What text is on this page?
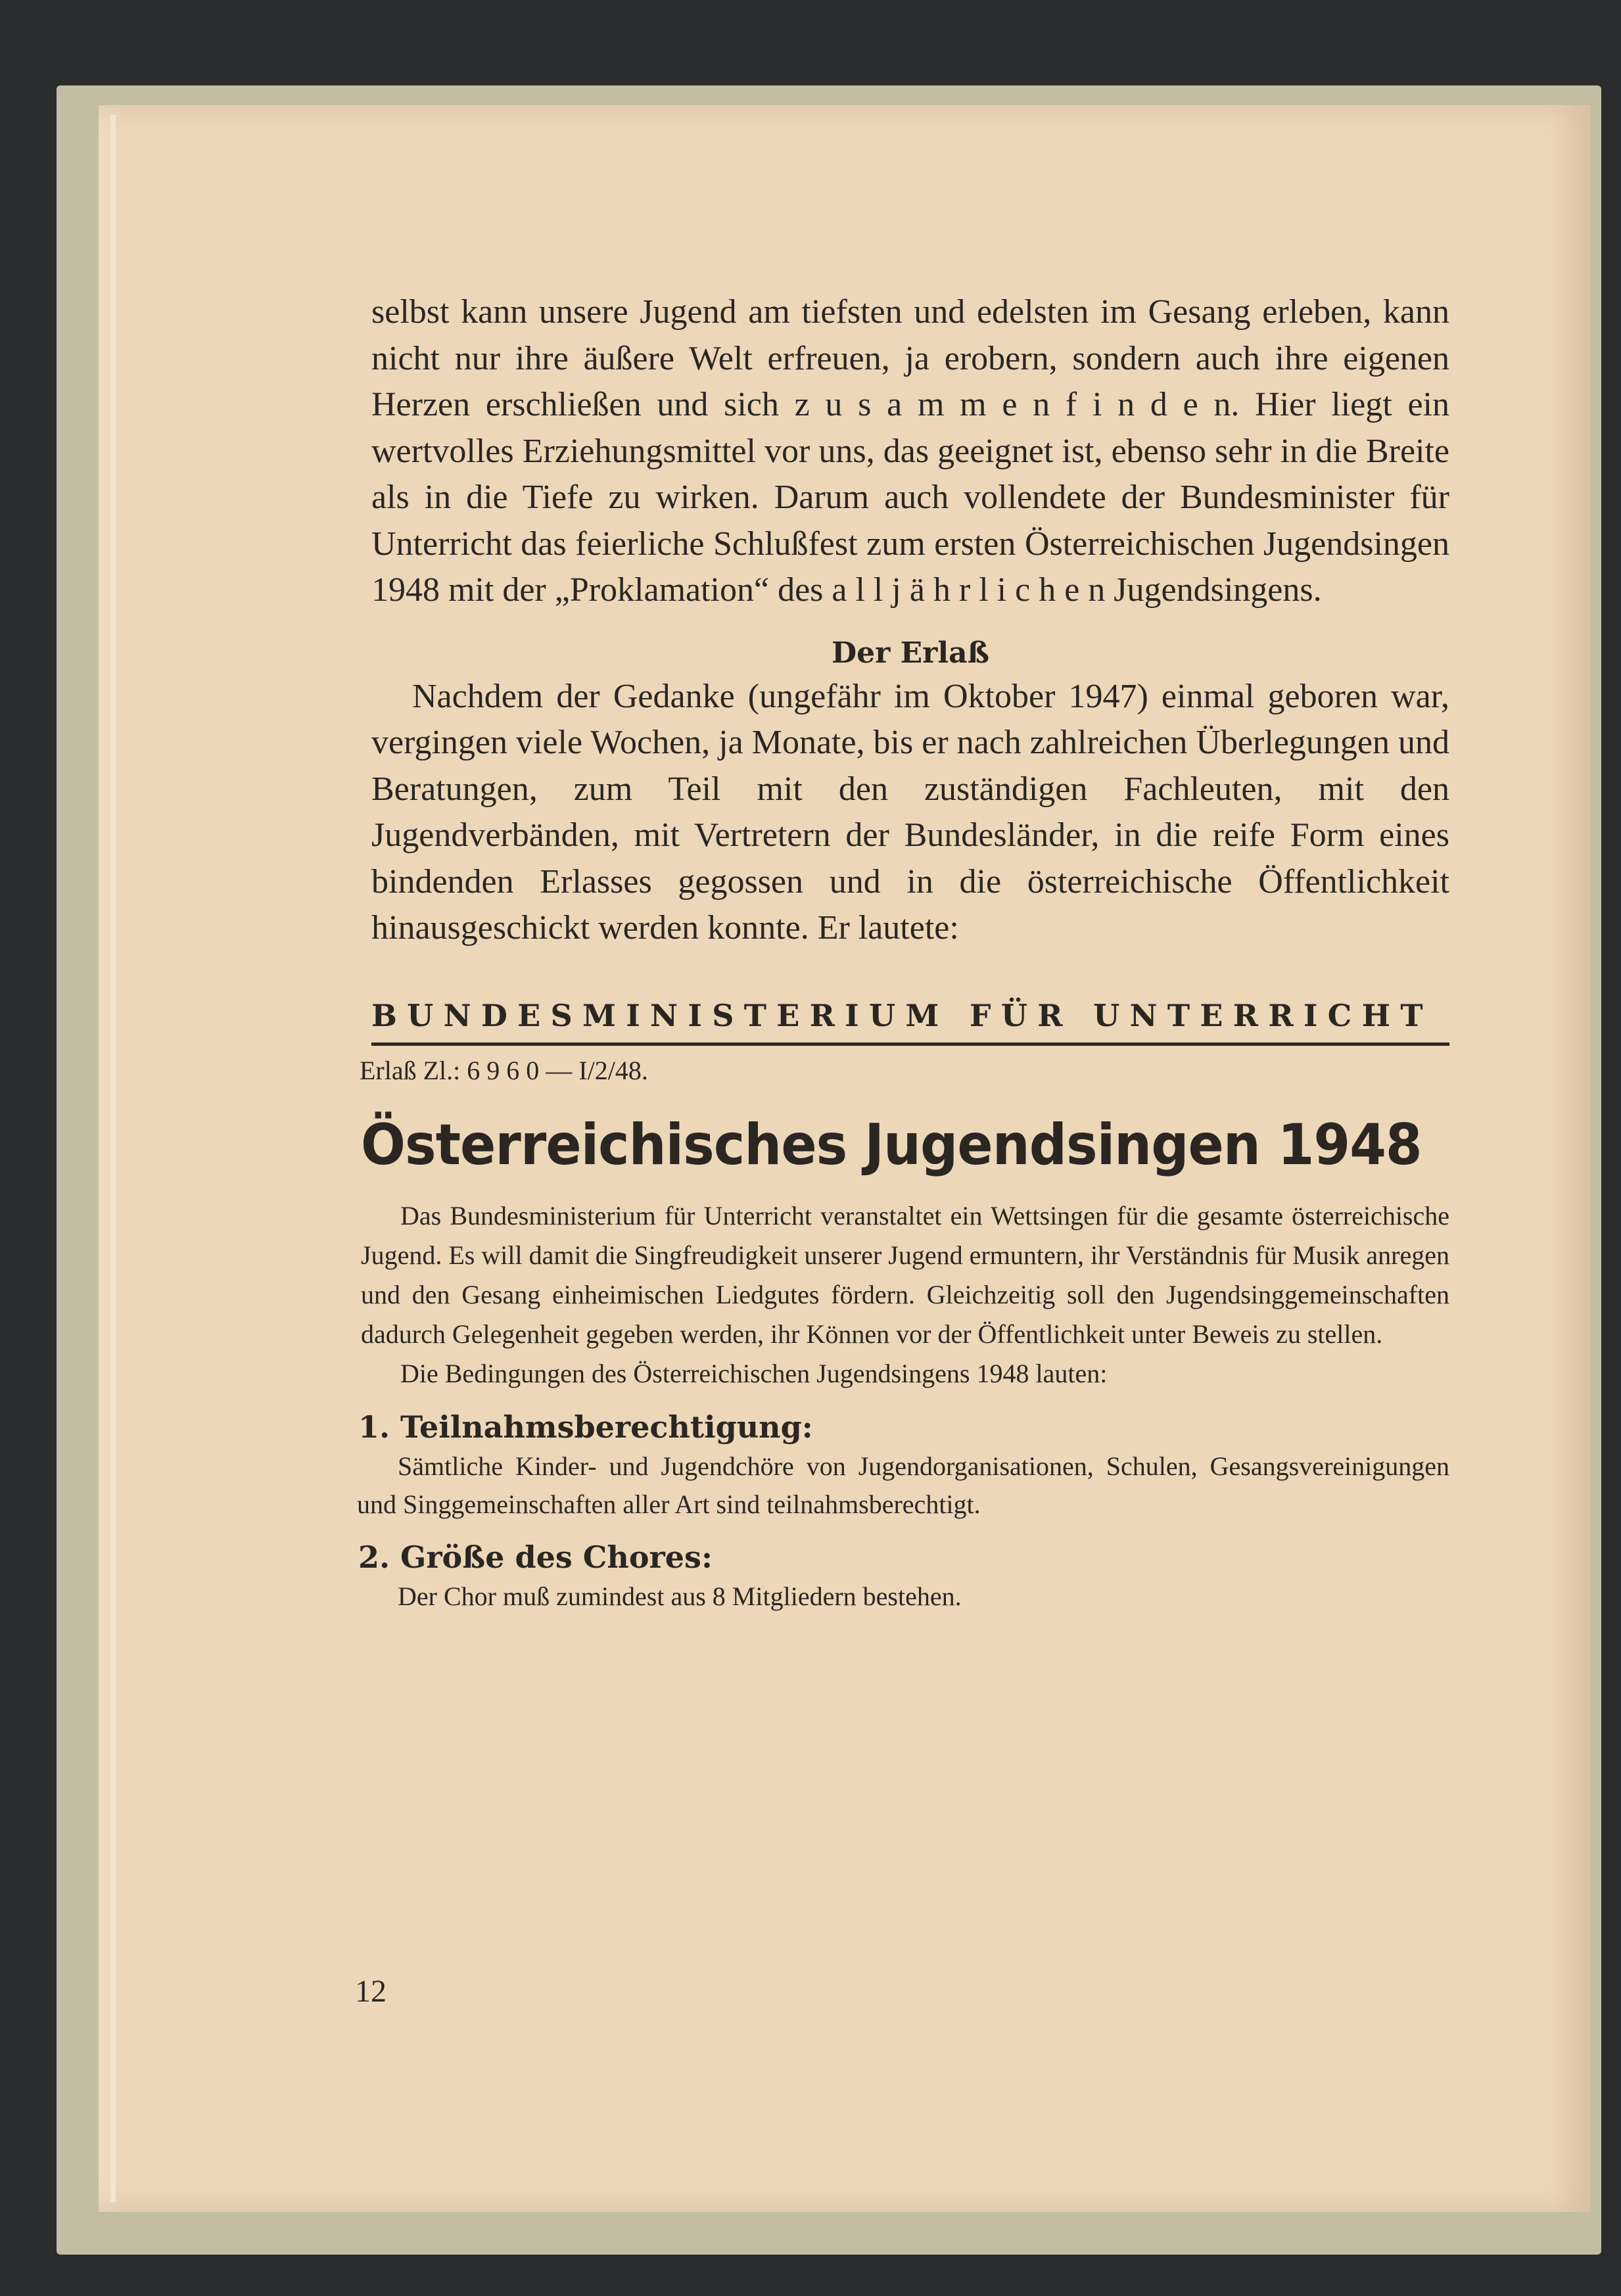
selbst kann unsere Jugend am tiefsten und edelsten im Gesang erleben, kann nicht nur ihre äußere Welt erfreuen, ja erobern, sondern auch ihre eigenen Herzen erschließen und sich z u s a m m e n f i n d e n. Hier liegt ein wertvolles Erziehungsmittel vor uns, das geeignet ist, ebenso sehr in die Breite als in die Tiefe zu wirken. Darum auch vollendete der Bundesminister für Unterricht das feierliche Schlußfest zum ersten Österreichischen Jugendsingen 1948 mit der „Proklamation“ des a l l j ä h r l i c h e n Jugendsingens.

Der Erlaß

Nachdem der Gedanke (ungefähr im Oktober 1947) einmal geboren war, vergingen viele Wochen, ja Monate, bis er nach zahlreichen Überlegungen und Beratungen, zum Teil mit den zuständigen Fachleuten, mit den Jugendverbänden, mit Vertretern der Bundesländer, in die reife Form eines bindenden Erlasses gegossen und in die österreichische Öffentlichkeit hinausgeschickt werden konnte. Er lautete:

BUNDESMINISTERIUM FÜR UNTERRICHT
Erlaß Zl.: 6 9 6 0 — I/2/48.
Österreichisches Jugendsingen 1948

Das Bundesministerium für Unterricht veranstaltet ein Wettsingen für die gesamte österreichische Jugend. Es will damit die Singfreudigkeit unserer Jugend ermuntern, ihr Verständnis für Musik anregen und den Gesang einheimischen Liedgutes fördern. Gleichzeitig soll den Jugendsinggemeinschaften dadurch Gelegenheit gegeben werden, ihr Können vor der Öffentlichkeit unter Beweis zu stellen.

Die Bedingungen des Österreichischen Jugendsingens 1948 lauten:

1. Teilnahmsberechtigung:

Sämtliche Kinder- und Jugendchöre von Jugendorganisationen, Schulen, Gesangsvereinigungen und Singgemeinschaften aller Art sind teilnahmsberechtigt.

2. Größe des Chores:

Der Chor muß zumindest aus 8 Mitgliedern bestehen.

12
